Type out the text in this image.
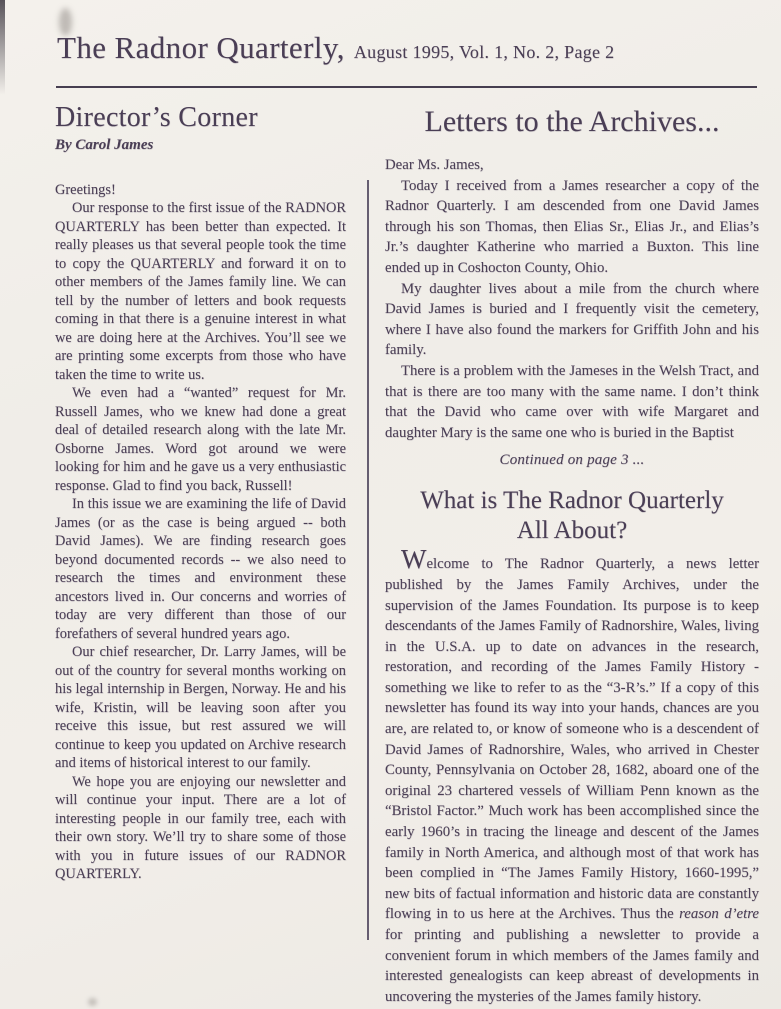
The Radnor Quarterly, August 1995, Vol. 1, No. 2, Page 2
Director’s Corner
By Carol James

Greetings!

Our response to the first issue of the RADNOR QUARTERLY has been better than expected. It really pleases us that several people took the time to copy the QUARTERLY and forward it on to other members of the James family line. We can tell by the number of letters and book requests coming in that there is a genuine interest in what we are doing here at the Archives. You’ll see we are printing some excerpts from those who have taken the time to write us.

We even had a “wanted” request for Mr. Russell James, who we knew had done a great deal of detailed research along with the late Mr. Osborne James. Word got around we were looking for him and he gave us a very enthusiastic response. Glad to find you back, Russell!

In this issue we are examining the life of David James (or as the case is being argued -- both David James). We are finding research goes beyond documented records -- we also need to research the times and environment these ancestors lived in. Our concerns and worries of today are very different than those of our forefathers of several hundred years ago.

Our chief researcher, Dr. Larry James, will be out of the country for several months working on his legal internship in Bergen, Norway. He and his wife, Kristin, will be leaving soon after you receive this issue, but rest assured we will continue to keep you updated on Archive research and items of historical interest to our family.

We hope you are enjoying our newsletter and will continue your input. There are a lot of interesting people in our family tree, each with their own story. We’ll try to share some of those with you in future issues of our RADNOR QUARTERLY.

Letters to the Archives...

Dear Ms. James,

Today I received from a James researcher a copy of the Radnor Quarterly. I am descended from one David James through his son Thomas, then Elias Sr., Elias Jr., and Elias’s Jr.’s daughter Katherine who married a Buxton. This line ended up in Coshocton County, Ohio.

My daughter lives about a mile from the church where David James is buried and I frequently visit the cemetery, where I have also found the markers for Griffith John and his family.

There is a problem with the Jameses in the Welsh Tract, and that is there are too many with the same name. I don’t think that the David who came over with wife Margaret and daughter Mary is the same one who is buried in the Baptist

Continued on page 3 ...
What is The Radnor Quarterly
All About?

Welcome to The Radnor Quarterly, a news letter published by the James Family Archives, under the supervision of the James Foundation. Its purpose is to keep descendants of the James Family of Radnorshire, Wales, living in the U.S.A. up to date on advances in the research, restoration, and recording of the James Family History - something we like to refer to as the “3-R’s.” If a copy of this newsletter has found its way into your hands, chances are you are, are related to, or know of someone who is a descendent of David James of Radnorshire, Wales, who arrived in Chester County, Pennsylvania on October 28, 1682, aboard one of the original 23 chartered vessels of William Penn known as the “Bristol Factor.” Much work has been accomplished since the early 1960’s in tracing the lineage and descent of the James family in North America, and although most of that work has been complied in “The James Family History, 1660-1995,” new bits of factual information and historic data are constantly flowing in to us here at the Archives. Thus the reason d’etre for printing and publishing a newsletter to provide a convenient forum in which members of the James family and interested genealogists can keep abreast of developments in uncovering the mysteries of the James family history.
